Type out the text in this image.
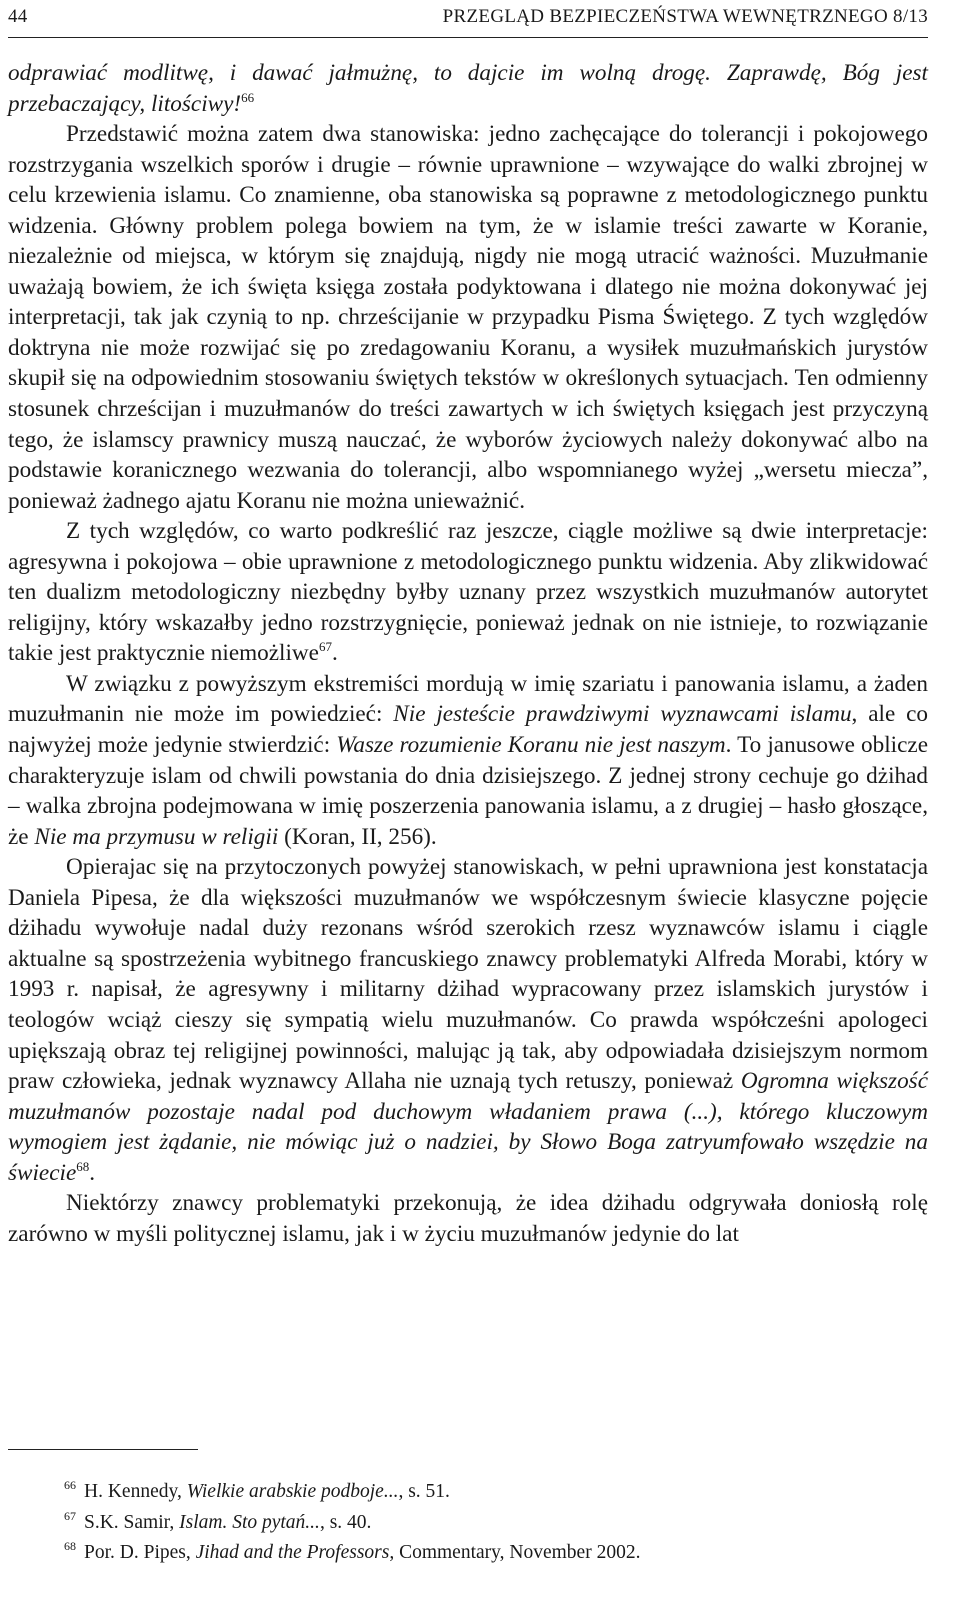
44	PRZEGLĄD BEZPIECZEŃSTWA WEWNĘTRZNEGO 8/13

odprawiać modlitwę, i dawać jałmużnę, to dajcie im wolną drogę. Zaprawdę, Bóg jest przebaczający, litościwy!$^{66}$

Przedstawić można zatem dwa stanowiska: jedno zachęcające do tolerancji i pokojowego rozstrzygania wszelkich sporów i drugie – równie uprawnione – wzywające do walki zbrojnej w celu krzewienia islamu. Co znamienne, oba stanowiska są poprawne z metodologicznego punktu widzenia. Główny problem polega bowiem na tym, że w islamie treści zawarte w Koranie, niezależnie od miejsca, w którym się znajdują, nigdy nie mogą utracić ważności. Muzułmanie uważają bowiem, że ich święta księga została podyktowana i dlatego nie można dokonywać jej interpretacji, tak jak czynią to np. chrześcijanie w przypadku Pisma Świętego. Z tych względów doktryna nie może rozwijać się po zredagowaniu Koranu, a wysiłek muzułmańskich jurystów skupił się na odpowiednim stosowaniu świętych tekstów w określonych sytuacjach. Ten odmienny stosunek chrześcijan i muzułmanów do treści zawartych w ich świętych księgach jest przyczyną tego, że islamscy prawnicy muszą nauczać, że wyborów życiowych należy dokonywać albo na podstawie koranicznego wezwania do tolerancji, albo wspomnianego wyżej „wersetu miecza”, ponieważ żadnego ajatu Koranu nie można unieważnić.

Z tych względów, co warto podkreślić raz jeszcze, ciągle możliwe są dwie interpretacje: agresywna i pokojowa – obie uprawnione z metodologicznego punktu widzenia. Aby zlikwidować ten dualizm metodologiczny niezbędny byłby uznany przez wszystkich muzułmanów autorytet religijny, który wskazałby jedno rozstrzygnięcie, ponieważ jednak on nie istnieje, to rozwiązanie takie jest praktycznie niemożliwe$^{67}$.

W związku z powyższym ekstremiści mordują w imię szariatu i panowania islamu, a żaden muzułmanin nie może im powiedzieć: Nie jesteście prawdziwymi wyznawcami islamu, ale co najwyżej może jedynie stwierdzić: Wasze rozumienie Koranu nie jest naszym. To janusowe oblicze charakteryzuje islam od chwili powstania do dnia dzisiejszego. Z jednej strony cechuje go dżihad – walka zbrojna podejmowana w imię poszerzenia panowania islamu, a z drugiej – hasło głoszące, że Nie ma przymusu w religii (Koran, II, 256).

Opierajac się na przytoczonych powyżej stanowiskach, w pełni uprawniona jest konstatacja Daniela Pipesa, że dla większości muzułmanów we współczesnym świecie klasyczne pojęcie dżihadu wywołuje nadal duży rezonans wśród szerokich rzesz wyznawców islamu i ciągle aktualne są spostrzeżenia wybitnego francuskiego znawcy problematyki Alfreda Morabi, który w 1993 r. napisał, że agresywny i militarny dżihad wypracowany przez islamskich jurystów i teologów wciąż cieszy się sympatią wielu muzułmanów. Co prawda współcześni apologeci upiększają obraz tej religijnej powinności, malując ją tak, aby odpowiadała dzisiejszym normom praw człowieka, jednak wyznawcy Allaha nie uznają tych retuszy, ponieważ Ogromna większość muzułmanów pozostaje nadal pod duchowym władaniem prawa (...), którego kluczowym wymogiem jest żądanie, nie mówiąc już o nadziei, by Słowo Boga zatryumfowało wszędzie na świecie$^{68}$.

Niektórzy znawcy problematyki przekonują, że idea dżihadu odgrywała doniosłą rolę zarówno w myśli politycznej islamu, jak i w życiu muzułmanów jedynie do lat

$^{66}$ H. Kennedy, Wielkie arabskie podboje..., s. 51.
$^{67}$ S.K. Samir, Islam. Sto pytań..., s. 40.
$^{68}$ Por. D. Pipes, Jihad and the Professors, Commentary, November 2002.
